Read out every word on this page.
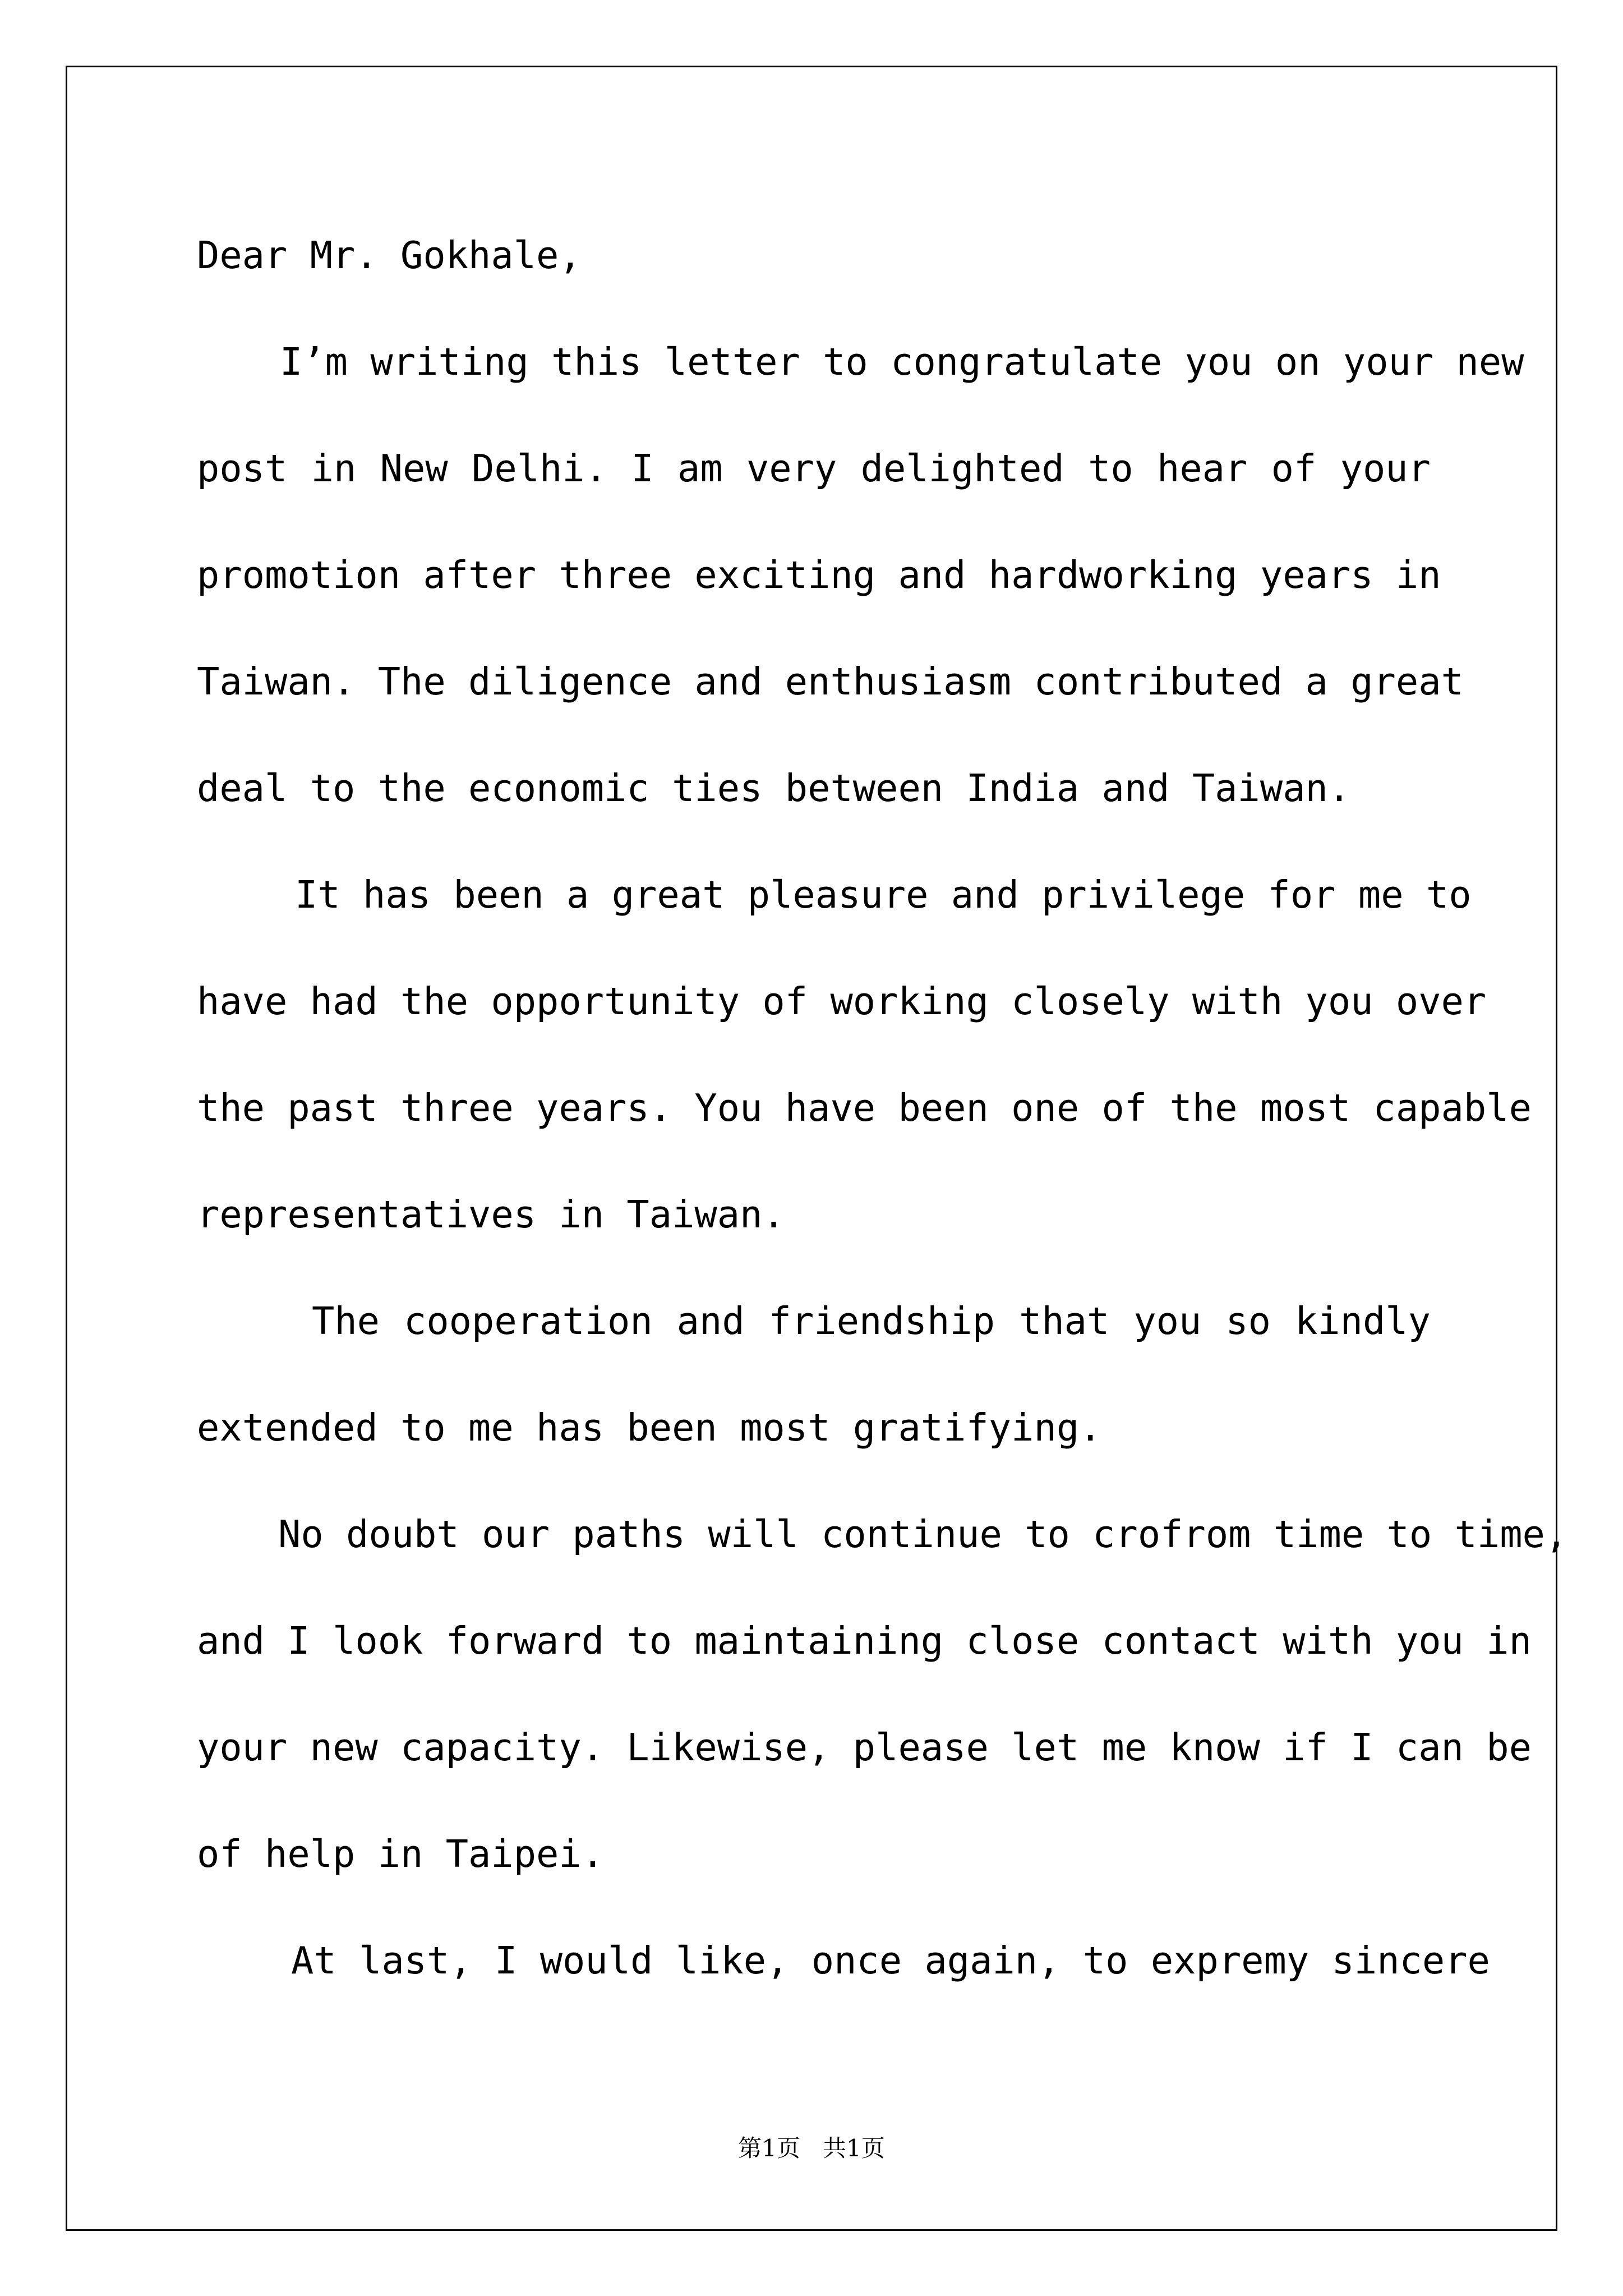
Dear Mr. Gokhale,
I’m writing this letter to congratulate you on your new
post in New Delhi. I am very delighted to hear of your
promotion after three exciting and hardworking years in
Taiwan. The diligence and enthusiasm contributed a great
deal to the economic ties between India and Taiwan.
It has been a great pleasure and privilege for me to
have had the opportunity of working closely with you over
the past three years. You have been one of the most capable
representatives in Taiwan.
The cooperation and friendship that you so kindly
extended to me has been most gratifying.
No doubt our paths will continue to crofrom time to time,
and I look forward to maintaining close contact with you in
your new capacity. Likewise, please let me know if I can be
of help in Taipei.
At last, I would like, once again, to expremy sincere
第1页   共1页
